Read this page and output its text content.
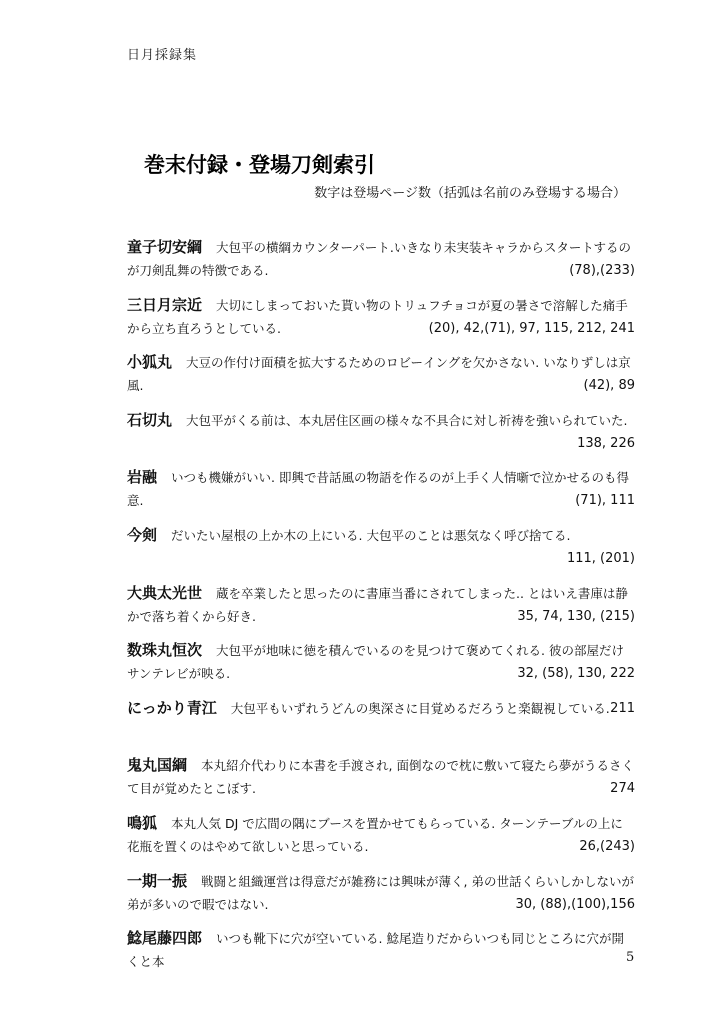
日月採録集
巻末付録・登場刀剣索引
数字は登場ページ数（括弧は名前のみ登場する場合）
童子切安綱 大包平の横綱カウンターパート.いきなり未実装キャラからスタートするのが刀剣乱舞の特徴である.	(78),(233)
三日月宗近 大切にしまっておいた貰い物のトリュフチョコが夏の暑さで溶解した痛手から立ち直ろうとしている.	(20), 42,(71), 97, 115, 212, 241
小狐丸 大豆の作付け面積を拡大するためのロビーイングを欠かさない. いなりずしは京風.	(42), 89
石切丸 大包平がくる前は、本丸居住区画の様々な不具合に対し祈祷を強いられていた.
138, 226
岩融 いつも機嫌がいい. 即興で昔話風の物語を作るのが上手く人情噺で泣かせるのも得意.	(71), 111
今剣 だいたい屋根の上か木の上にいる. 大包平のことは悪気なく呼び捨てる.
111, (201)
大典太光世 蔵を卒業したと思ったのに書庫当番にされてしまった.. とはいえ書庫は静かで落ち着くから好き.	35, 74, 130, (215)
数珠丸恒次 大包平が地味に徳を積んでいるのを見つけて褒めてくれる. 彼の部屋だけサンテレビが映る.	32, (58), 130, 222
にっかり青江 大包平もいずれうどんの奥深さに目覚めるだろうと楽観視している. 211
鬼丸国綱 本丸紹介代わりに本書を手渡され, 面倒なので枕に敷いて寝たら夢がうるさくて目が覚めたとこぼす.	274
鳴狐 本丸人気 DJ で広間の隅にブースを置かせてもらっている. ターンテーブルの上に花瓶を置くのはやめて欲しいと思っている.	26,(243)
一期一振 戦闘と組織運営は得意だが雑務には興味が薄く, 弟の世話くらいしかしないが弟が多いので暇ではない.	30, (88),(100),156
鯰尾藤四郎 いつも靴下に穴が空いている. 鯰尾造りだからいつも同じところに穴が開くと本	5
